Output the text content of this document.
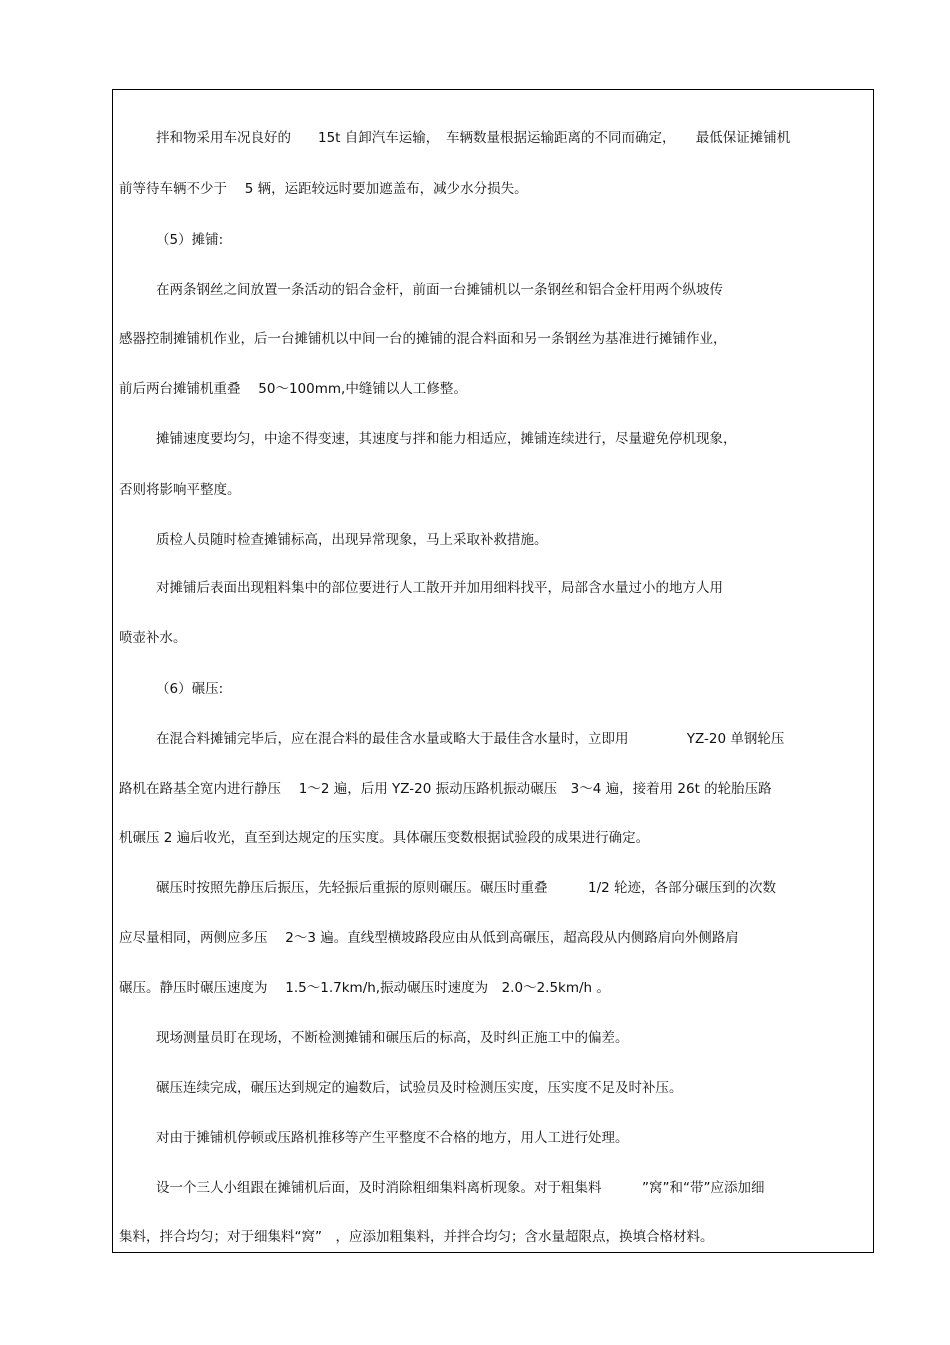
拌和物采用车况良好的　　15t 自卸汽车运输，　车辆数量根据运输距离的不同而确定，　　最低保证摊铺机
前等待车辆不少于　 5 辆，运距较远时要加遮盖布，减少水分损失。
（5）摊铺:
在两条钢丝之间放置一条活动的铝合金杆，前面一台摊铺机以一条钢丝和铝合金杆用两个纵坡传
感器控制摊铺机作业，后一台摊铺机以中间一台的摊铺的混合料面和另一条钢丝为基准进行摊铺作业，
前后两台摊铺机重叠　 50～100mm,中缝铺以人工修整。
摊铺速度要均匀，中途不得变速，其速度与拌和能力相适应，摊铺连续进行，尽量避免停机现象，
否则将影响平整度。
质检人员随时检查摊铺标高，出现异常现象，马上采取补救措施。
对摊铺后表面出现粗料集中的部位要进行人工散开并加用细料找平，局部含水量过小的地方人用
喷壶补水。
（6）碾压:
在混合料摊铺完毕后，应在混合料的最佳含水量或略大于最佳含水量时，立即用　　　　 YZ-20 单钢轮压
路机在路基全宽内进行静压　 1～2 遍，后用 YZ-20 振动压路机振动碾压　3～4 遍，接着用 26t 的轮胎压路
机碾压 2 遍后收光，直至到达规定的压实度。具体碾压变数根据试验段的成果进行确定。
碾压时按照先静压后振压，先轻振后重振的原则碾压。碾压时重叠　　　1/2 轮迹，各部分碾压到的次数
应尽量相同，两侧应多压　 2～3 遍。直线型横坡路段应由从低到高碾压，超高段从内侧路肩向外侧路肩
碾压。静压时碾压速度为　 1.5～1.7km/h,振动碾压时速度为　2.0～2.5km/h 。
现场测量员盯在现场，不断检测摊铺和碾压后的标高，及时纠正施工中的偏差。
碾压连续完成，碾压达到规定的遍数后，试验员及时检测压实度，压实度不足及时补压。
对由于摊铺机停顿或压路机推移等产生平整度不合格的地方，用人工进行处理。
设一个三人小组跟在摊铺机后面，及时消除粗细集料离析现象。对于粗集料　　　”窝”和“带”应添加细
集料，拌合均匀；对于细集料“窝”　，应添加粗集料，并拌合均匀；含水量超限点，换填合格材料。
